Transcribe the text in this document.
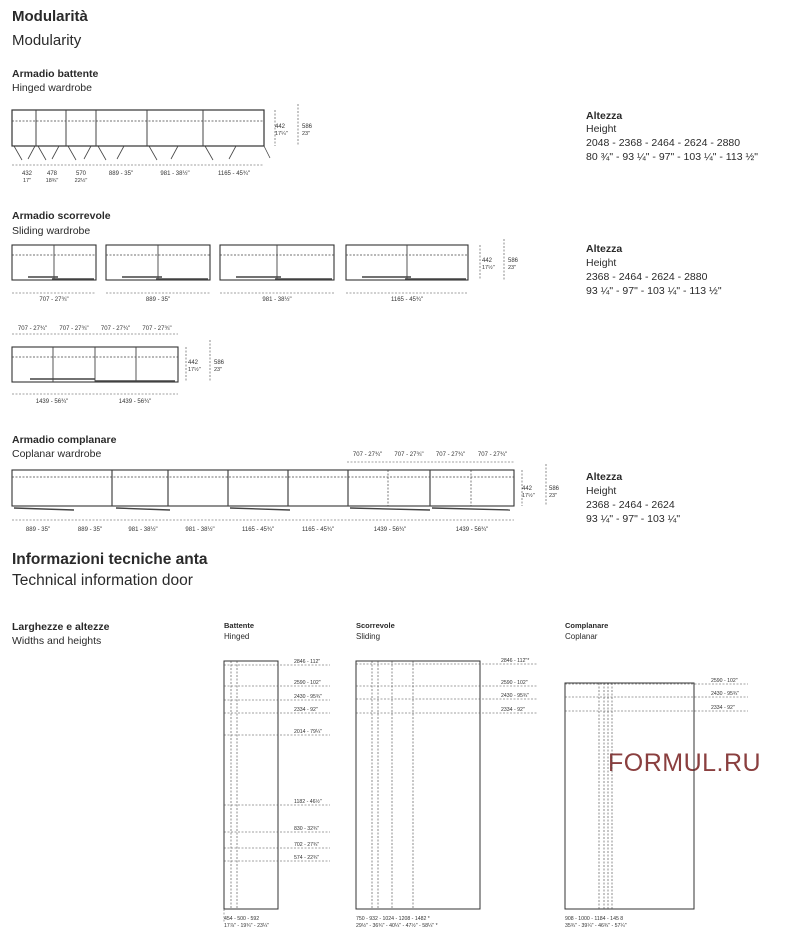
Modularità
Modularity
Armadio battente
Hinged wardrobe
Altezza
Height
2048 - 2368 - 2464 - 2624 - 2880
80 ¾" - 93 ¼" - 97" - 103 ¼" - 113 ½"
Armadio scorrevole
Sliding wardrobe
Altezza
Height
2368 - 2464 - 2624 - 2880
93 ¼" - 97" - 103 ¼" - 113 ½"
Armadio complanare
Coplanar wardrobe
Altezza
Height
2368 - 2464 - 2624
93 ¼" - 97" - 103 ¼"
Informazioni tecniche anta
Technical information door
Larghezze e altezze
Widths and heights
Battente
Hinged
Scorrevole
Sliding
Complanare
Coplanar
FORMUL.RU
442
17¼"
586
23"
432
17"
478
18¾"
570
22½"
889 - 35"	981 - 38½"	1165 - 45¾"
707 - 27¾"	889 - 35"	981 - 38½"	1165 - 45¾"
442
17½"
586
23"
707 - 27¾" 707 - 27¾" 707 - 27¾" 707 - 27¾"
442
17½"
586
23"
1439 - 56¾"	1439 - 56¾"
707 - 27¾" 707 - 27¾" 707 - 27¾" 707 - 27¾"
442
17½"
586
23"
889 - 35"	889 - 35"	981 - 38½"	981 - 38½"	1165 - 45¾"	1165 - 45¾"	1439 - 56¾"	1439 - 56¾"
2846 - 112"
2590 - 102"
2430 - 95¾"
2334 - 92"
2014 - 79¼"
1182 - 46½"
830 - 32¾"
702 - 27¾"
574 - 22¾"
454 - 500 - 592
17⅞" - 19¾" - 23¼"
2846 - 112"*
2590 - 102"
2430 - 95¾"
2334 - 92"
750 - 932 - 1024 - 1208 - 1482 *
29½" - 36¾" - 40¼" - 47½" - 58¼" *
2590 - 102"
2430 - 95¾"
2334 - 92"
908 - 1000 - 1184 - 145 8
35¾" - 39¼" - 46¾" - 57¼"
